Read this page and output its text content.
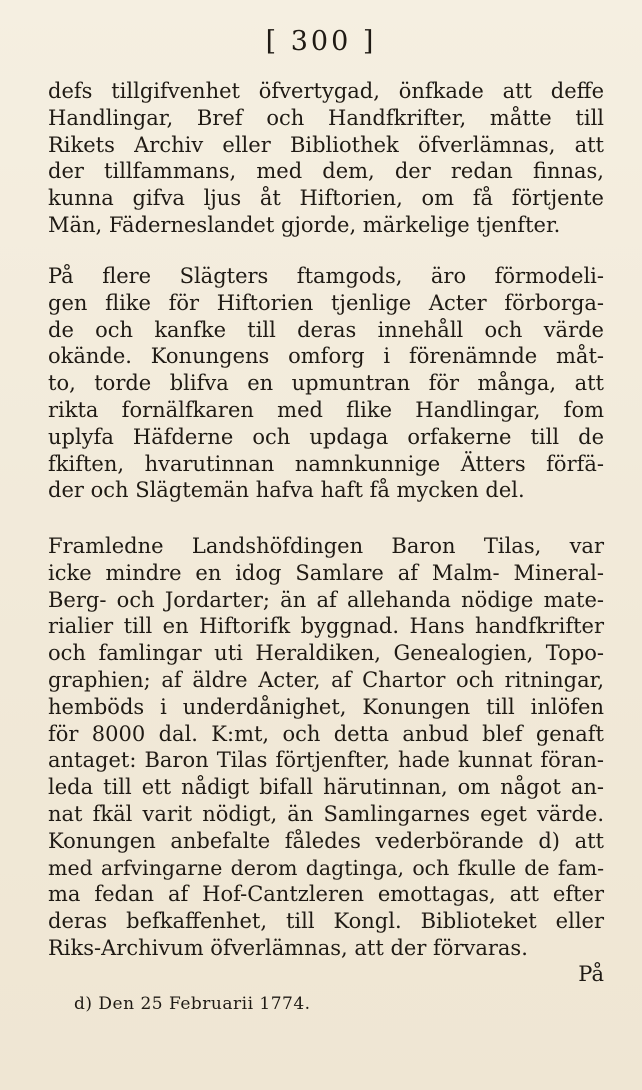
[ 300 ]
defs tillgifvenhet öfvertygad, önfkade att deffe
Handlingar, Bref och Handfkrifter, måtte till
Rikets Archiv eller Bibliothek öfverlämnas, att
der tillfammans, med dem, der redan finnas,
kunna gifva ljus åt Hiftorien, om få förtjente
Män, Fäderneslandet gjorde, märkelige tjenfter.
På flere Slägters ftamgods, äro förmodeli-
gen flike för Hiftorien tjenlige Acter förborga-
de och kanfke till deras innehåll och värde
okände. Konungens omforg i förenämnde måt-
to, torde blifva en upmuntran för många, att
rikta fornälfkaren med flike Handlingar, fom
uplyfa Häfderne och updaga orfakerne till de
fkiften, hvarutinnan namnkunnige Ätters förfä-
der och Slägtemän hafva haft få mycken del.
Framledne Landshöfdingen Baron Tilas, var
icke mindre en idog Samlare af Malm- Mineral-
Berg- och Jordarter; än af allehanda nödige mate-
rialier till en Hiftorifk byggnad. Hans handfkrifter
och famlingar uti Heraldiken, Genealogien, Topo-
graphien; af äldre Acter, af Chartor och ritningar,
hemböds i underdånighet, Konungen till inlöfen
för 8000 dal. K:mt, och detta anbud blef genaft
antaget: Baron Tilas förtjenfter, hade kunnat föran-
leda till ett nådigt bifall härutinnan, om något an-
nat fkäl varit nödigt, än Samlingarnes eget värde.
Konungen anbefalte fåledes vederbörande d) att
med arfvingarne derom dagtinga, och fkulle de fam-
ma fedan af Hof-Cantzleren emottagas, att efter
deras befkaffenhet, till Kongl. Biblioteket eller
Riks-Archivum öfverlämnas, att der förvaras.
På
d) Den 25 Februarii 1774.
